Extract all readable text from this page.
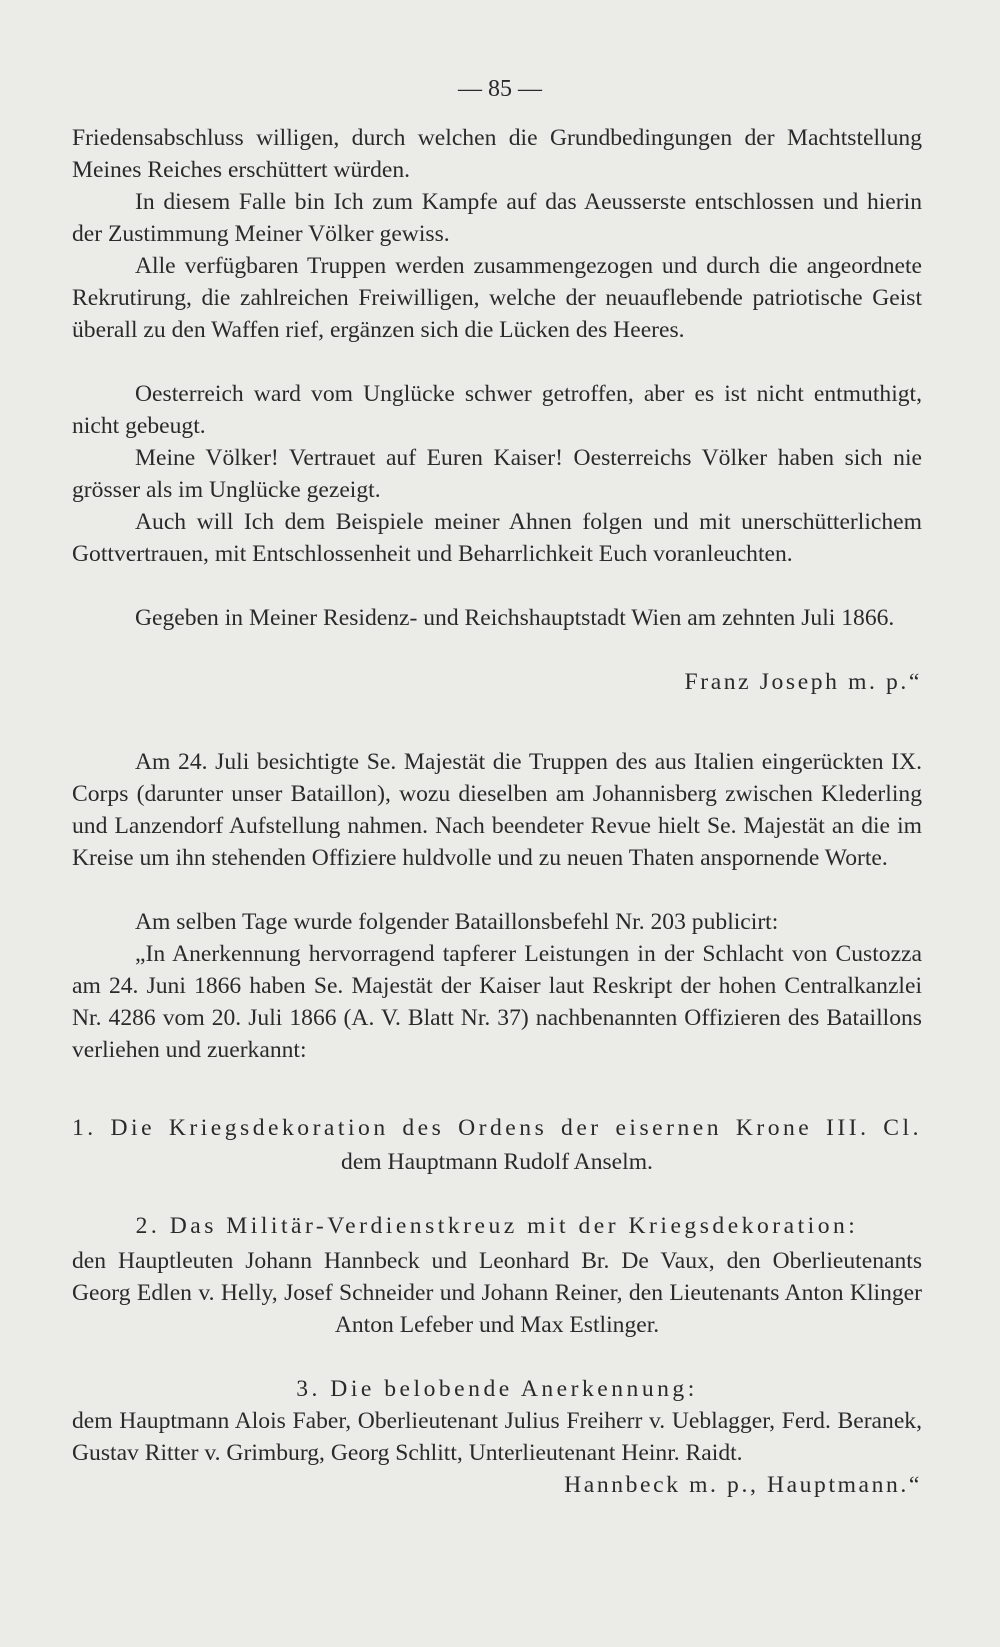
— 85 —

Friedensabschluss willigen, durch welchen die Grundbedingungen der Machtstellung Meines Reiches erschüttert würden.

In diesem Falle bin Ich zum Kampfe auf das Aeusserste entschlossen und hierin der Zustimmung Meiner Völker gewiss.

Alle verfügbaren Truppen werden zusammengezogen und durch die angeordnete Rekrutirung, die zahlreichen Freiwilligen, welche der neuauflebende patriotische Geist überall zu den Waffen rief, ergänzen sich die Lücken des Heeres.

Oesterreich ward vom Unglücke schwer getroffen, aber es ist nicht entmuthigt, nicht gebeugt.

Meine Völker! Vertrauet auf Euren Kaiser! Oesterreichs Völker haben sich nie grösser als im Unglücke gezeigt.

Auch will Ich dem Beispiele meiner Ahnen folgen und mit unerschütterlichem Gottvertrauen, mit Entschlossenheit und Beharrlichkeit Euch voranleuchten.

Gegeben in Meiner Residenz- und Reichshauptstadt Wien am zehnten Juli 1866.

Franz Joseph m. p.“

Am 24. Juli besichtigte Se. Majestät die Truppen des aus Italien eingerückten IX. Corps (darunter unser Bataillon), wozu dieselben am Johannisberg zwischen Klederling und Lanzendorf Aufstellung nahmen. Nach beendeter Revue hielt Se. Majestät an die im Kreise um ihn stehenden Offiziere huldvolle und zu neuen Thaten anspornende Worte.

Am selben Tage wurde folgender Bataillonsbefehl Nr. 203 publicirt:

„In Anerkennung hervorragend tapferer Leistungen in der Schlacht von Custozza am 24. Juni 1866 haben Se. Majestät der Kaiser laut Reskript der hohen Centralkanzlei Nr. 4286 vom 20. Juli 1866 (A. V. Blatt Nr. 37) nachbenannten Offizieren des Bataillons verliehen und zuerkannt:

1. Die Kriegsdekoration des Ordens der eisernen Krone III. Cl.

dem Hauptmann Rudolf Anselm.

2. Das Militär-Verdienstkreuz mit der Kriegsdekoration:

den Hauptleuten Johann Hannbeck und Leonhard Br. De Vaux, den Oberlieutenants Georg Edlen v. Helly, Josef Schneider und Johann Reiner, den Lieutenants Anton Klinger Anton Lefeber und Max Estlinger.

3. Die belobende Anerkennung:

dem Hauptmann Alois Faber, Oberlieutenant Julius Freiherr v. Ueblagger, Ferd. Beranek, Gustav Ritter v. Grimburg, Georg Schlitt, Unterlieutenant Heinr. Raidt.

Hannbeck m. p., Hauptmann.“
